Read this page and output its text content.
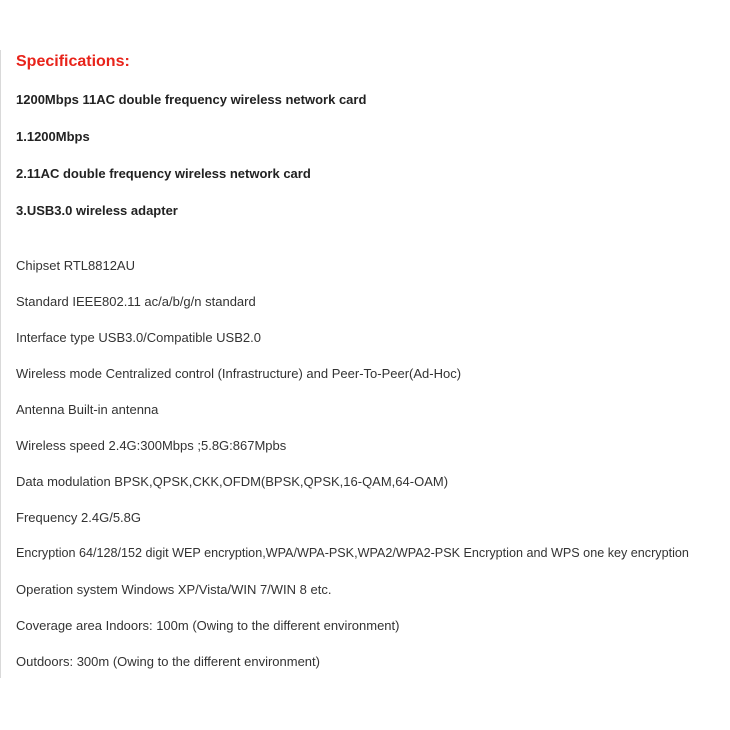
Specifications:
1200Mbps 11AC double frequency wireless network card
1.1200Mbps
2.11AC double frequency wireless network card
3.USB3.0 wireless adapter
Chipset RTL8812AU
Standard IEEE802.11 ac/a/b/g/n standard
Interface type USB3.0/Compatible USB2.0
Wireless mode Centralized control (Infrastructure) and Peer-To-Peer(Ad-Hoc)
Antenna Built-in antenna
Wireless speed 2.4G:300Mbps ;5.8G:867Mpbs
Data modulation BPSK,QPSK,CKK,OFDM(BPSK,QPSK,16-QAM,64-OAM)
Frequency 2.4G/5.8G
Encryption 64/128/152 digit WEP encryption,WPA/WPA-PSK,WPA2/WPA2-PSK Encryption and WPS one key encryption
Operation system Windows XP/Vista/WIN 7/WIN 8 etc.
Coverage area Indoors: 100m (Owing to the different environment)
Outdoors: 300m (Owing to the different environment)
